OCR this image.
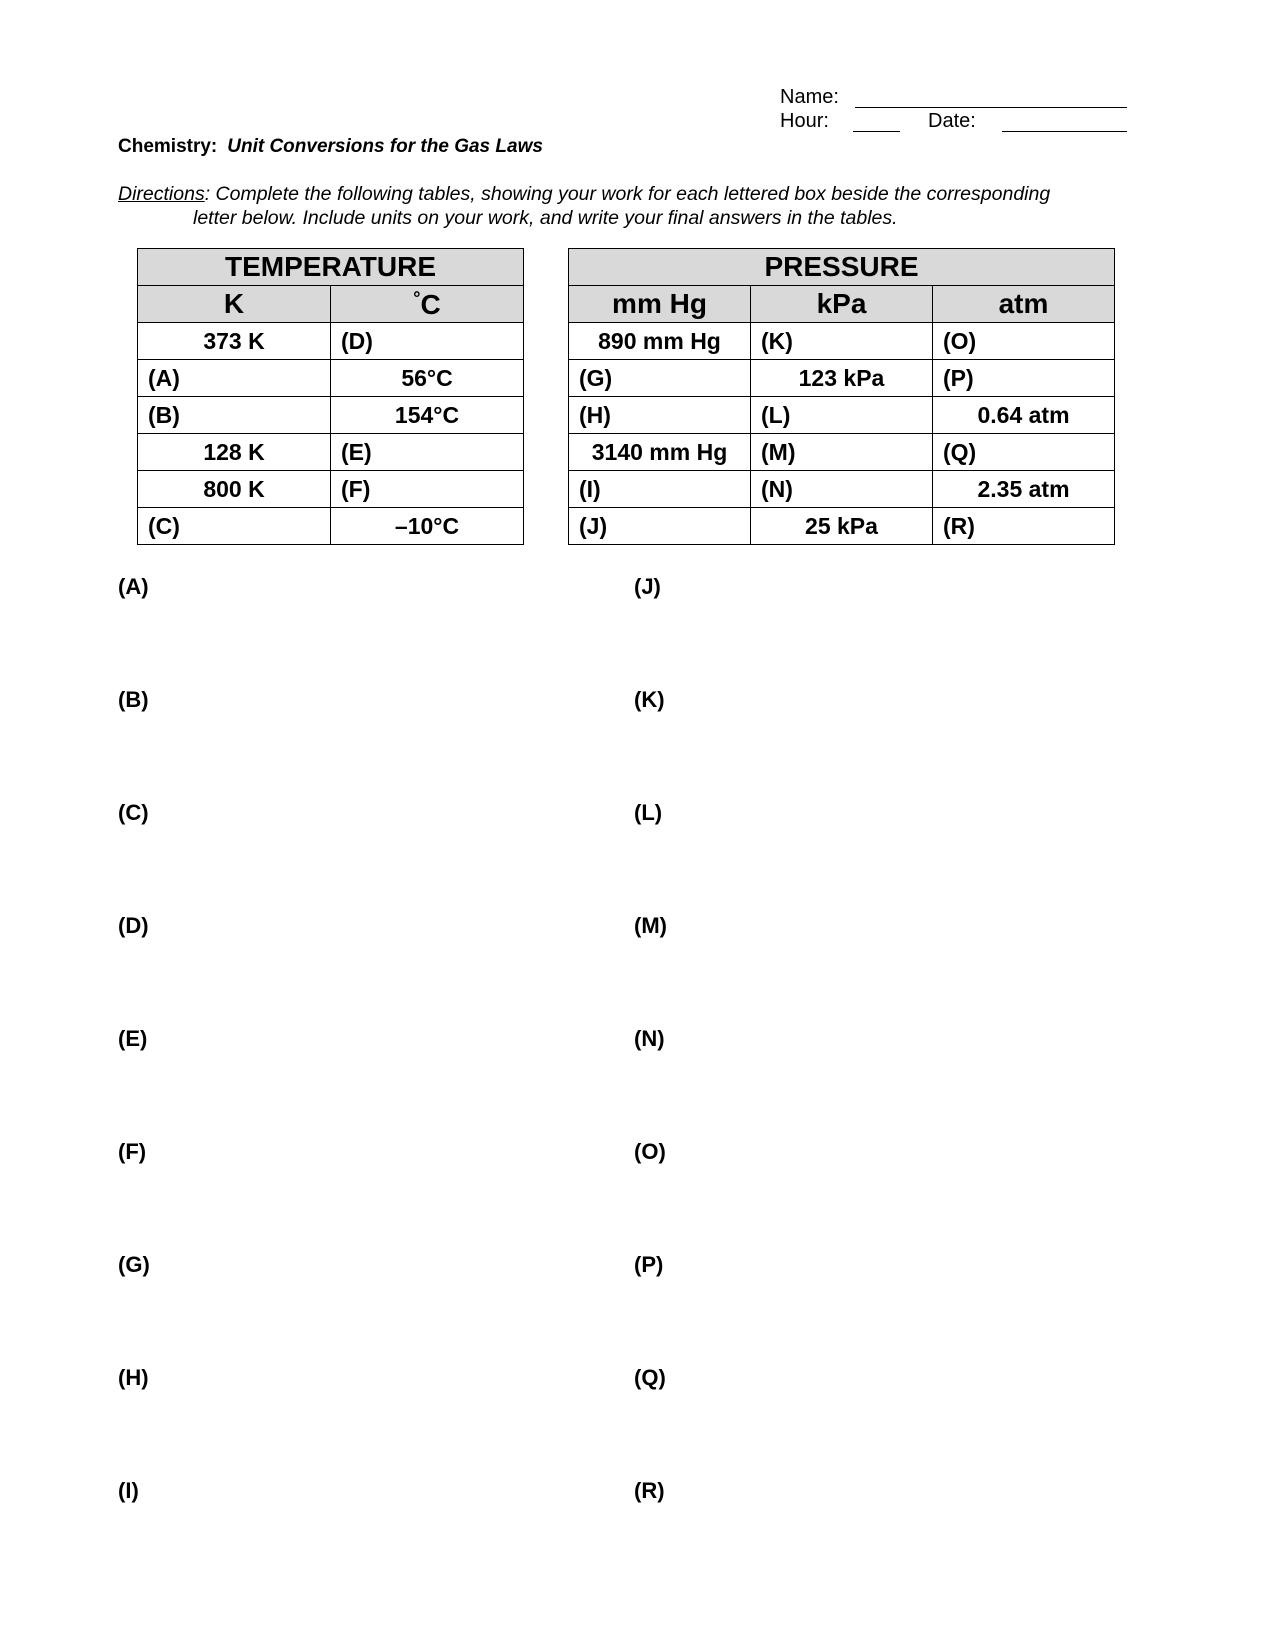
Name:
Hour:	Date:
Chemistry: Unit Conversions for the Gas Laws
Directions: Complete the following tables, showing your work for each lettered box beside the corresponding
letter below. Include units on your work, and write your final answers in the tables.
TEMPERATURE	
K	°C
373 K	(D)
(A)	56°C
(B)	154°C
128 K	(E)
800 K	(F)
(C)	–10°C
PRESSURE		
mm Hg	kPa	atm
890 mm Hg	(K)	(O)
(G)	123 kPa	(P)
(H)	(L)	0.64 atm
3140 mm Hg	(M)	(Q)
(I)	(N)	2.35 atm
(J)	25 kPa	(R)
(A)
(B)
(C)
(D)
(E)
(F)
(G)
(H)
(I)
(J)
(K)
(L)
(M)
(N)
(O)
(P)
(Q)
(R)
